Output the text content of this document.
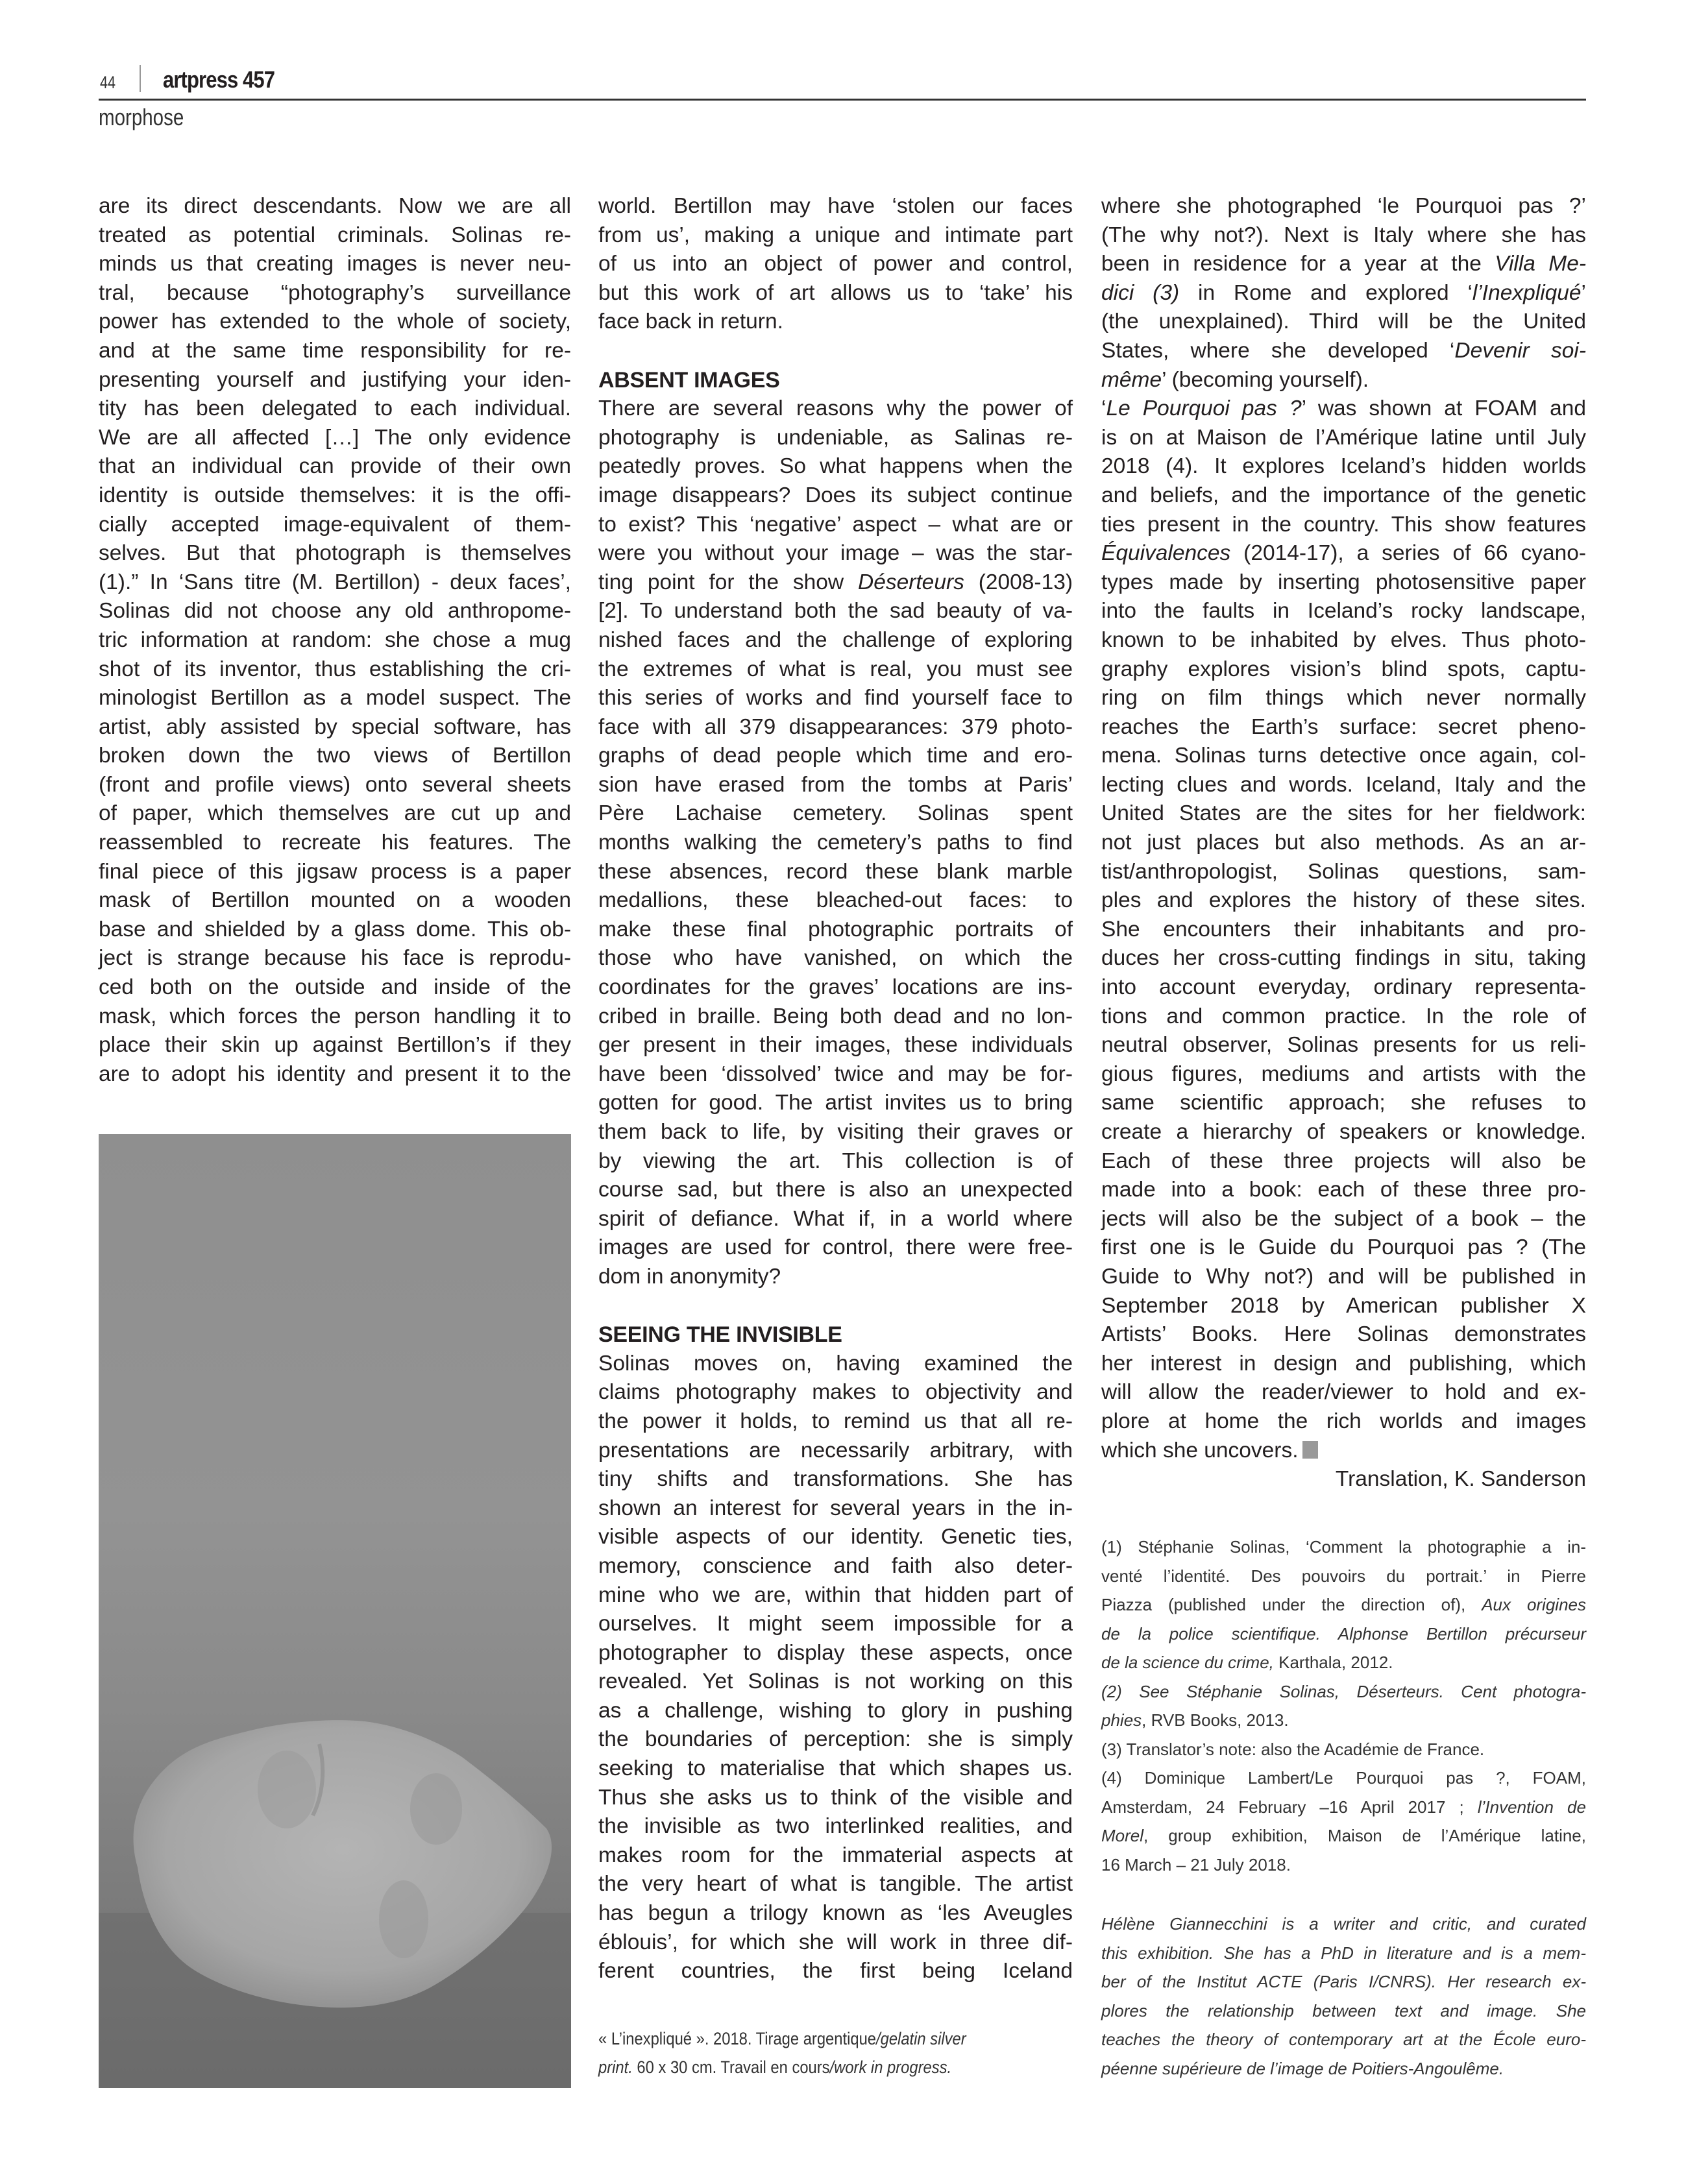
44 artpress 457
morphose
are its direct descendants. Now we are all
treated as potential criminals. Solinas re-
minds us that creating images is never neu-
tral, because “photography’s surveillance
power has extended to the whole of society,
and at the same time responsibility for re-
presenting yourself and justifying your iden-
tity has been delegated to each individual.
We are all affected […] The only evidence
that an individual can provide of their own
identity is outside themselves: it is the offi-
cially accepted image-equivalent of them-
selves. But that photograph is themselves
(1).” In ‘Sans titre (M. Bertillon) - deux faces’,
Solinas did not choose any old anthropome-
tric information at random: she chose a mug
shot of its inventor, thus establishing the cri-
minologist Bertillon as a model suspect. The
artist, ably assisted by special software, has
broken down the two views of Bertillon
(front and profile views) onto several sheets
of paper, which themselves are cut up and
reassembled to recreate his features. The
final piece of this jigsaw process is a paper
mask of Bertillon mounted on a wooden
base and shielded by a glass dome. This ob-
ject is strange because his face is reprodu-
ced both on the outside and inside of the
mask, which forces the person handling it to
place their skin up against Bertillon’s if they
are to adopt his identity and present it to the
world. Bertillon may have ‘stolen our faces
from us’, making a unique and intimate part
of us into an object of power and control,
but this work of art allows us to ‘take’ his
face back in return.
ABSENT IMAGES
There are several reasons why the power of
photography is undeniable, as Salinas re-
peatedly proves. So what happens when the
image disappears? Does its subject continue
to exist? This ‘negative’ aspect – what are or
were you without your image – was the star-
ting point for the show Déserteurs (2008-13)
[2]. To understand both the sad beauty of va-
nished faces and the challenge of exploring
the extremes of what is real, you must see
this series of works and find yourself face to
face with all 379 disappearances: 379 photo-
graphs of dead people which time and ero-
sion have erased from the tombs at Paris’
Père Lachaise cemetery. Solinas spent
months walking the cemetery’s paths to find
these absences, record these blank marble
medallions, these bleached-out faces: to
make these final photographic portraits of
those who have vanished, on which the
coordinates for the graves’ locations are ins-
cribed in braille. Being both dead and no lon-
ger present in their images, these individuals
have been ‘dissolved’ twice and may be for-
gotten for good. The artist invites us to bring
them back to life, by visiting their graves or
by viewing the art. This collection is of
course sad, but there is also an unexpected
spirit of defiance. What if, in a world where
images are used for control, there were free-
dom in anonymity?
SEEING THE INVISIBLE
Solinas moves on, having examined the
claims photography makes to objectivity and
the power it holds, to remind us that all re-
presentations are necessarily arbitrary, with
tiny shifts and transformations. She has
shown an interest for several years in the in-
visible aspects of our identity. Genetic ties,
memory, conscience and faith also deter-
mine who we are, within that hidden part of
ourselves. It might seem impossible for a
photographer to display these aspects, once
revealed. Yet Solinas is not working on this
as a challenge, wishing to glory in pushing
the boundaries of perception: she is simply
seeking to materialise that which shapes us.
Thus she asks us to think of the visible and
the invisible as two interlinked realities, and
makes room for the immaterial aspects at
the very heart of what is tangible. The artist
has begun a trilogy known as ‘les Aveugles
éblouis’, for which she will work in three dif-
ferent countries, the first being Iceland
« L’inexpliqué ». 2018. Tirage argentique/gelatin silver
print. 60 x 30 cm. Travail en cours/work in progress.
where she photographed ‘le Pourquoi pas ?’
(The why not?). Next is Italy where she has
been in residence for a year at the Villa Me-
dici (3) in Rome and explored ‘l’Inexpliqué’
(the unexplained). Third will be the United
States, where she developed ‘Devenir soi-
même’ (becoming yourself).
‘Le Pourquoi pas ?’ was shown at FOAM and
is on at Maison de l’Amérique latine until July
2018 (4). It explores Iceland’s hidden worlds
and beliefs, and the importance of the genetic
ties present in the country. This show features
Équivalences (2014-17), a series of 66 cyano-
types made by inserting photosensitive paper
into the faults in Iceland’s rocky landscape,
known to be inhabited by elves. Thus photo-
graphy explores vision’s blind spots, captu-
ring on film things which never normally
reaches the Earth’s surface: secret pheno-
mena. Solinas turns detective once again, col-
lecting clues and words. Iceland, Italy and the
United States are the sites for her fieldwork:
not just places but also methods. As an ar-
tist/anthropologist, Solinas questions, sam-
ples and explores the history of these sites.
She encounters their inhabitants and pro-
duces her cross-cutting findings in situ, taking
into account everyday, ordinary representa-
tions and common practice. In the role of
neutral observer, Solinas presents for us reli-
gious figures, mediums and artists with the
same scientific approach; she refuses to
create a hierarchy of speakers or knowledge.
Each of these three projects will also be
made into a book: each of these three pro-
jects will also be the subject of a book – the
first one is le Guide du Pourquoi pas ? (The
Guide to Why not?) and will be published in
September 2018 by American publisher X
Artists’ Books. Here Solinas demonstrates
her interest in design and publishing, which
will allow the reader/viewer to hold and ex-
plore at home the rich worlds and images
which she uncovers.
Translation, K. Sanderson
(1) Stéphanie Solinas, ‘Comment la photographie a in-
venté l’identité. Des pouvoirs du portrait.’ in Pierre
Piazza (published under the direction of), Aux origines
de la police scientifique. Alphonse Bertillon précurseur
de la science du crime, Karthala, 2012.
(2) See Stéphanie Solinas, Déserteurs. Cent photogra-
phies, RVB Books, 2013.
(3) Translator’s note: also the Académie de France.
(4) Dominique Lambert/Le Pourquoi pas ?, FOAM,
Amsterdam, 24 February –16 April 2017 ; l’Invention de
Morel, group exhibition, Maison de l’Amérique latine,
16 March – 21 July 2018.
Hélène Giannecchini is a writer and critic, and curated
this exhibition. She has a PhD in literature and is a mem-
ber of the Institut ACTE (Paris I/CNRS). Her research ex-
plores the relationship between text and image. She
teaches the theory of contemporary art at the École euro-
péenne supérieure de l’image de Poitiers-Angoulême.
